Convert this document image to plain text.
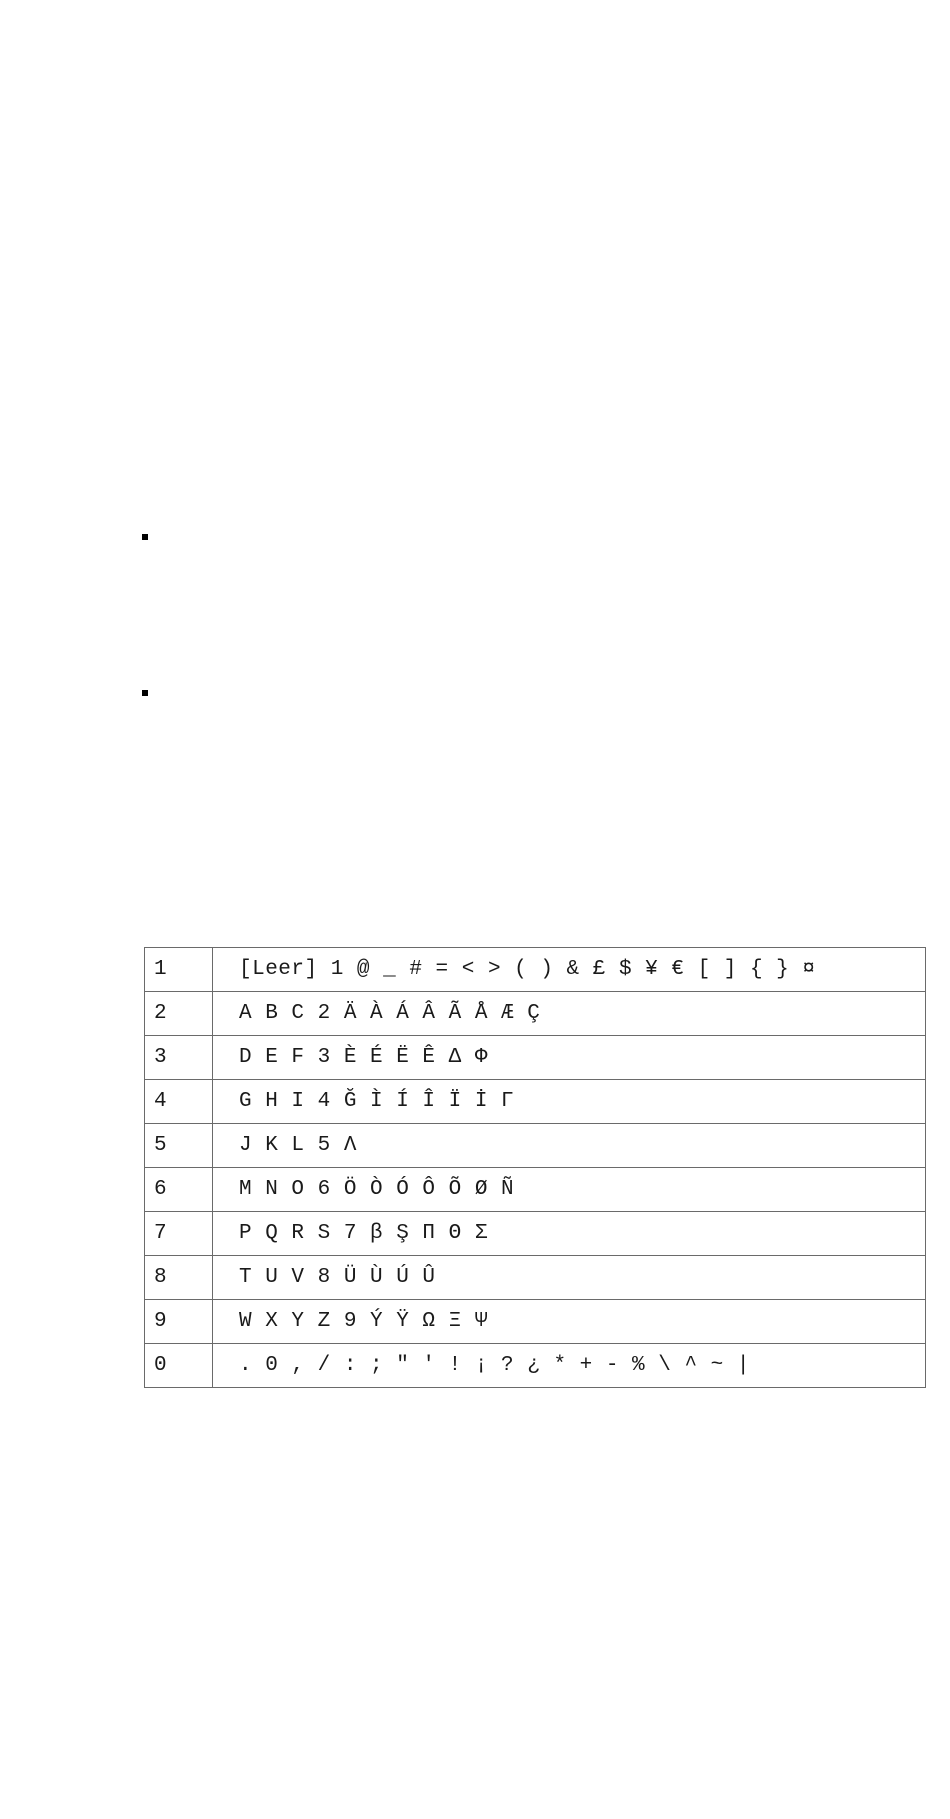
1	[Leer] 1 @ _ # = < > ( ) & £ $ ¥ € [ ] { } ¤
2	A B C 2 Ä À Á Â Ã Å Æ Ç
3	D E F 3 È É Ë Ê Δ Φ
4	G H I 4 Ğ Ì Í Î Ï İ Γ
5	J K L 5 Λ
6	M N O 6 Ö Ò Ó Ô Õ Ø Ñ
7	P Q R S 7 β Ş Π Θ Σ
8	T U V 8 Ü Ù Ú Û
9	W X Y Z 9 Ý Ÿ Ω Ξ Ψ
0	. 0 , / : ; " ' ! ¡ ? ¿ * + - % \ ^ ~ |
